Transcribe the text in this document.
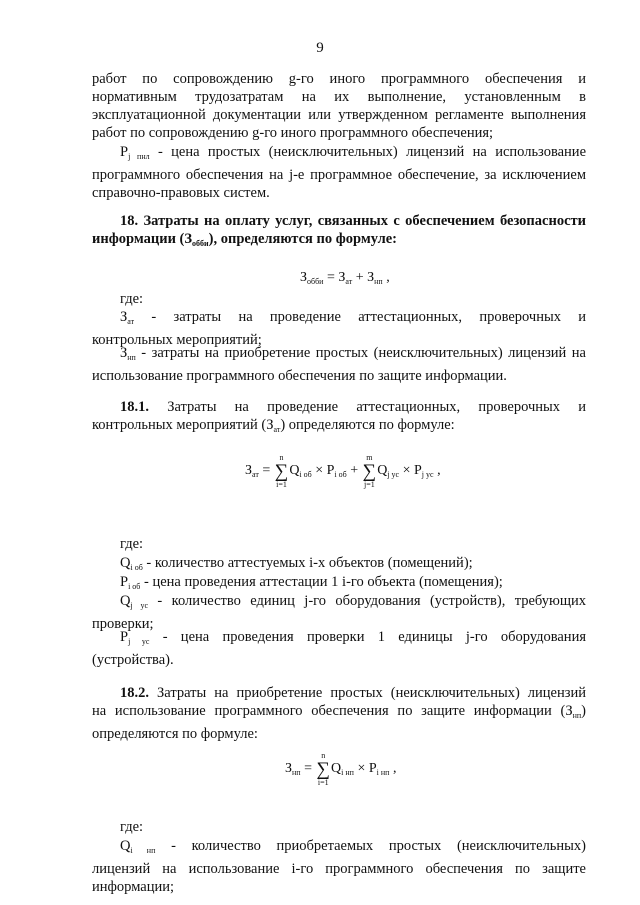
9

работ по сопровождению g-го иного программного обеспечения и

нормативным трудозатратам на их выполнение, установленным в

эксплуатационной документации или утвержденном регламенте выполнения

работ по сопровождению g-го иного программного обеспечения;

$P_{j пнл}$ - цена простых (неисключительных) лицензий на использование

программного обеспечения на j-е программное обеспечение, за исключением

справочно-правовых систем.

18. Затраты на оплату услуг, связанных с обеспечением безопасности

информации $(З_{обби})$, определяются по формуле:

$З_{обби} = З_{ат} + З_{нп}$ ,

где:

$З_{ат}$ - затраты на проведение аттестационных, проверочных и

контрольных мероприятий;

$З_{нп}$ - затраты на приобретение простых (неисключительных) лицензий на

использование программного обеспечения по защите информации.

18.1. Затраты на проведение аттестационных, проверочных и

контрольных мероприятий $(З_{ат})$ определяются по формуле:

$З_{ат}$ = ∑
n
i=1
$Q_{i об} \times P_{i об}$ + ∑
m
j=1
$Q_{j ус} \times P_{j ус}$ ,

где:

$Q_{i об}$ - количество аттестуемых i-х объектов (помещений);

$P_{i об}$ - цена проведения аттестации 1 i-го объекта (помещения);

$Q_{j ус}$ - количество единиц j-го оборудования (устройств), требующих

проверки;

$P_{j ус}$ - цена проведения проверки 1 единицы j-го оборудования

(устройства).

18.2. Затраты на приобретение простых (неисключительных) лицензий

на использование программного обеспечения по защите информации $(З_{нп})$

определяются по формуле:

$З_{нп}$ = ∑
n
i=1
$Q_{i нп} \times P_{i нп}$ ,

где:

$Q_{i нп}$ - количество приобретаемых простых (неисключительных)

лицензий на использование i-го программного обеспечения по защите

информации;
